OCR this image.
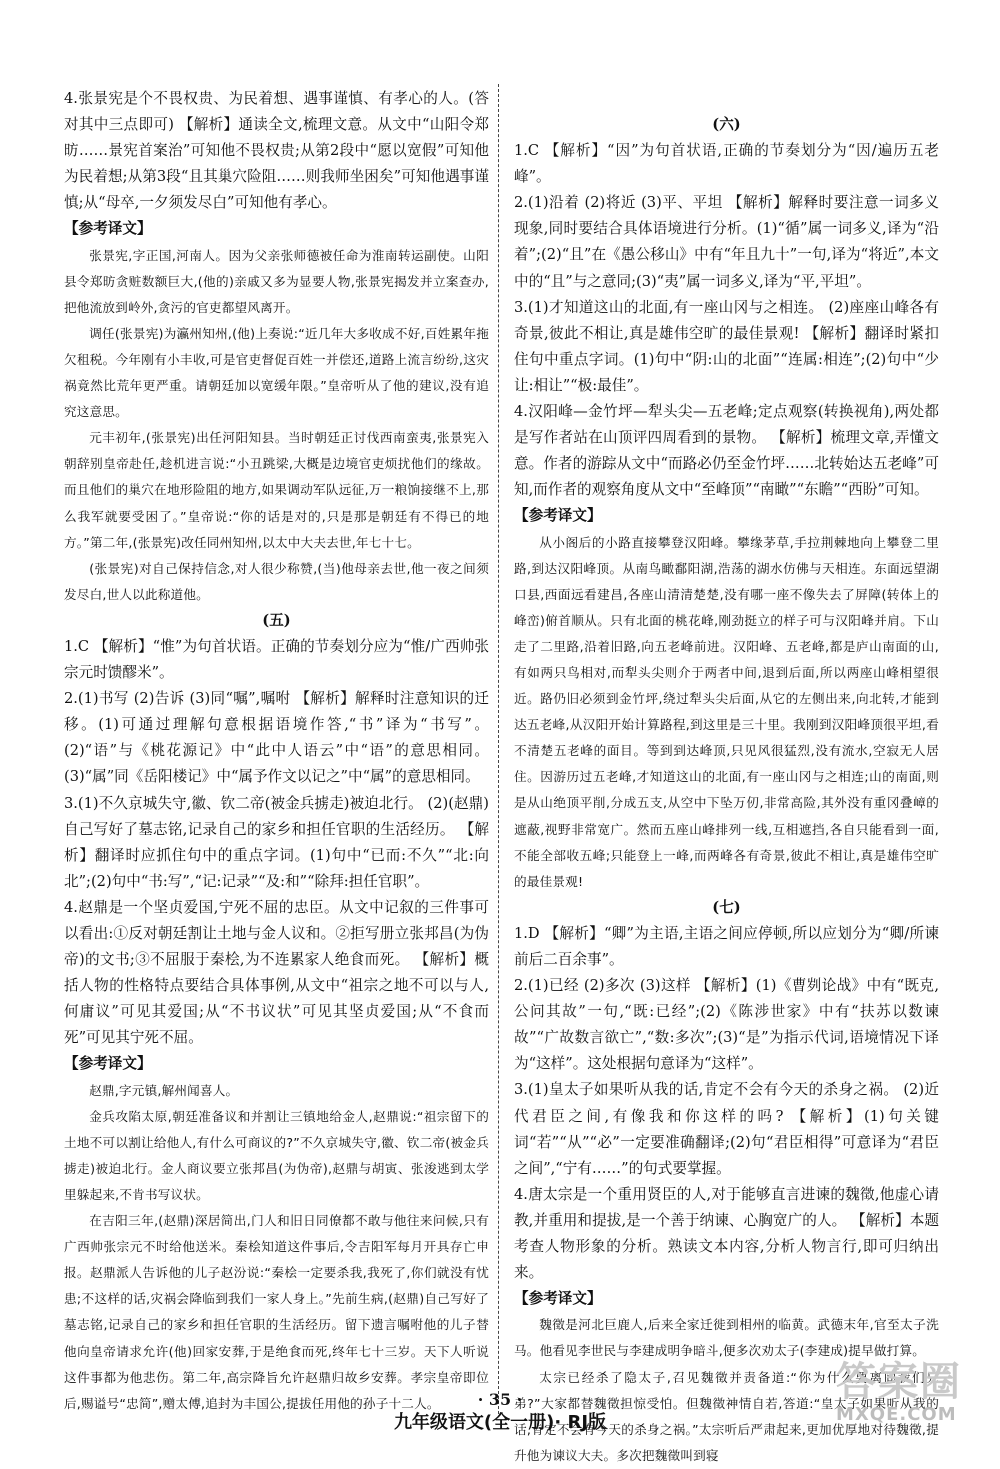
4.张景宪是个不畏权贵、为民着想、遇事谨慎、有孝心的人。(答对其中三点即可) 【解析】通读全文,梳理文意。从文中“山阳令郑昉……景宪首案治”可知他不畏权贵;从第2段中“愿以宽假”可知他为民着想;从第3段“且其巢穴险阻……则我师坐困矣”可知他遇事谨慎;从“母卒,一夕须发尽白”可知他有孝心。

【参考译文】

张景宪,字正国,河南人。因为父亲张师德被任命为淮南转运副使。山阳县令郑昉贪赃数额巨大,(他的)亲戚又多为显要人物,张景宪揭发并立案查办,把他流放到岭外,贪污的官吏都望风离开。

调任(张景宪)为瀛州知州,(他)上奏说:“近几年大多收成不好,百姓累年拖欠租税。今年刚有小丰收,可是官吏督促百姓一并偿还,道路上流言纷纷,这灾祸竟然比荒年更严重。请朝廷加以宽缓年限。”皇帝听从了他的建议,没有追究这意思。

元丰初年,(张景宪)出任河阳知县。当时朝廷正讨伐西南蛮夷,张景宪入朝辞别皇帝赴任,趁机进言说:“小丑跳梁,大概是边境官吏烦扰他们的缘故。而且他们的巢穴在地形险阻的地方,如果调动军队远征,万一粮饷接继不上,那么我军就要受困了。”皇帝说:“你的话是对的,只是那是朝廷有不得已的地方。”第二年,(张景宪)改任同州知州,以太中大夫去世,年七十七。

(张景宪)对自己保持信念,对人很少称赞,(当)他母亲去世,他一夜之间须发尽白,世人以此称道他。

(五)

1.C 【解析】“惟”为句首状语。正确的节奏划分应为“惟/广西帅张宗元时馈醪米”。

2.(1)书写 (2)告诉 (3)同“嘱”,嘱咐 【解析】解释时注意知识的迁移。(1)可通过理解句意根据语境作答,“书”译为“书写”。(2)“语”与《桃花源记》中“此中人语云”中“语”的意思相同。(3)“属”同《岳阳楼记》中“属予作文以记之”中“属”的意思相同。

3.(1)不久京城失守,徽、钦二帝(被金兵掳走)被迫北行。 (2)(赵鼎)自己写好了墓志铭,记录自己的家乡和担任官职的生活经历。 【解析】翻译时应抓住句中的重点字词。(1)句中“已而:不久”“北:向北”;(2)句中“书:写”,“记:记录”“及:和”“除拜:担任官职”。

4.赵鼎是一个坚贞爱国,宁死不屈的忠臣。从文中记叙的三件事可以看出:①反对朝廷割让土地与金人议和。②拒写册立张邦昌(为伪帝)的文书;③不屈服于秦桧,为不连累家人绝食而死。 【解析】概括人物的性格特点要结合具体事例,从文中“祖宗之地不可以与人,何庸议”可见其爱国;从“不书议状”可见其坚贞爱国;从“不食而死”可见其宁死不屈。

【参考译文】

赵鼎,字元镇,解州闻喜人。

金兵攻陷太原,朝廷准备议和并割让三镇地给金人,赵鼎说:“祖宗留下的土地不可以割让给他人,有什么可商议的?”不久京城失守,徽、钦二帝(被金兵掳走)被迫北行。金人商议要立张邦昌(为伪帝),赵鼎与胡寅、张浚逃到太学里躲起来,不肯书写议状。

在吉阳三年,(赵鼎)深居简出,门人和旧日同僚都不敢与他往来问候,只有广西帅张宗元不时给他送米。秦桧知道这件事后,令吉阳军每月开具存亡申报。赵鼎派人告诉他的儿子赵汾说:“秦桧一定要杀我,我死了,你们就没有忧患;不这样的话,灾祸会降临到我们一家人身上。”先前生病,(赵鼎)自己写好了墓志铭,记录自己的家乡和担任官职的生活经历。留下遗言嘱咐他的儿子替他向皇帝请求允许(他)回家安葬,于是绝食而死,终年七十三岁。天下人听说这件事都为他悲伤。第二年,高宗降旨允许赵鼎归故乡安葬。孝宗皇帝即位后,赐谥号“忠简”,赠太傅,追封为丰国公,提拔任用他的孙子十二人。

(六)

1.C 【解析】“因”为句首状语,正确的节奏划分为“因/遍历五老峰”。

2.(1)沿着 (2)将近 (3)平、平坦 【解析】解释时要注意一词多义现象,同时要结合具体语境进行分析。(1)“循”属一词多义,译为“沿着”;(2)“且”在《愚公移山》中有“年且九十”一句,译为“将近”,本文中的“且”与之意同;(3)“夷”属一词多义,译为“平,平坦”。

3.(1)才知道这山的北面,有一座山冈与之相连。 (2)座座山峰各有奇景,彼此不相让,真是雄伟空旷的最佳景观! 【解析】翻译时紧扣住句中重点字词。(1)句中“阴:山的北面”“连属:相连”;(2)句中“少让:相让”“极:最佳”。

4.汉阳峰—金竹坪—犁头尖—五老峰;定点观察(转换视角),两处都是写作者站在山顶评四周看到的景物。 【解析】梳理文章,弄懂文意。作者的游踪从文中“而路必仍至金竹坪……北转始达五老峰”可知,而作者的观察角度从文中“至峰顶”“南瞰”“东瞻”“西盼”可知。

【参考译文】

从小阁后的小路直接攀登汉阳峰。攀缘茅草,手拉荆棘地向上攀登二里路,到达汉阳峰顶。从南鸟瞰鄱阳湖,浩荡的湖水仿佛与天相连。东面远望湖口县,西面远看建昌,各座山清清楚楚,没有哪一座不像失去了屏障(转体上的峰峦)俯首顺从。只有北面的桃花峰,刚劲挺立的样子可与汉阳峰并肩。下山走了二里路,沿着旧路,向五老峰前进。汉阳峰、五老峰,都是庐山南面的山,有如两只鸟相对,而犁头尖则介于两者中间,退到后面,所以两座山峰相望很近。路仍旧必须到金竹坪,绕过犁头尖后面,从它的左侧出来,向北转,才能到达五老峰,从汉阳开始计算路程,到这里是三十里。我刚到汉阳峰顶很平坦,看不清楚五老峰的面目。等到到达峰顶,只见风很猛烈,没有流水,空寂无人居住。因游历过五老峰,才知道这山的北面,有一座山冈与之相连;山的南面,则是从山绝顶平削,分成五支,从空中下坠万仞,非常高险,其外没有重冈叠嶂的遮蔽,视野非常宽广。然而五座山峰排列一线,互相遮挡,各自只能看到一面,不能全部收五峰;只能登上一峰,而两峰各有奇景,彼此不相让,真是雄伟空旷的最佳景观!

(七)

1.D 【解析】“卿”为主语,主语之间应停顿,所以应划分为“卿/所谏前后二百余事”。

2.(1)已经 (2)多次 (3)这样 【解析】(1)《曹刿论战》中有“既克,公问其故”一句,“既:已经”;(2)《陈涉世家》中有“扶苏以数谏故”“广故数言欲亡”,“数:多次”;(3)“是”为指示代词,语境情况下译为“这样”。这处根据句意译为“这样”。

3.(1)皇太子如果听从我的话,肯定不会有今天的杀身之祸。 (2)近代君臣之间,有像我和你这样的吗? 【解析】(1)句关键词“若”“从”“必”一定要准确翻译;(2)句“君臣相得”可意译为“君臣之间”,“宁有……”的句式要掌握。

4.唐太宗是一个重用贤臣的人,对于能够直言进谏的魏徵,他虚心请教,并重用和提拔,是一个善于纳谏、心胸宽广的人。 【解析】本题考查人物形象的分析。熟读文本内容,分析人物言行,即可归纳出来。

【参考译文】

魏徵是河北巨鹿人,后来全家迁徙到相州的临黄。武德末年,官至太子洗马。他看见李世民与李建成明争暗斗,便多次劝太子(李建成)提早做打算。

太宗已经杀了隐太子,召见魏徵并责备道:“你为什么要离间我们兄弟?”大家都替魏徵担惊受怕。但魏徵神情自若,答道:“皇太子如果听从我的话,肯定不会有今天的杀身之祸。”太宗听后严肃起来,更加优厚地对待魏徵,提升他为谏议大夫。多次把魏徵叫到寝

· 35 ·
九年级语文(全一册)· RJ版
答案圈
MXQE.COM
